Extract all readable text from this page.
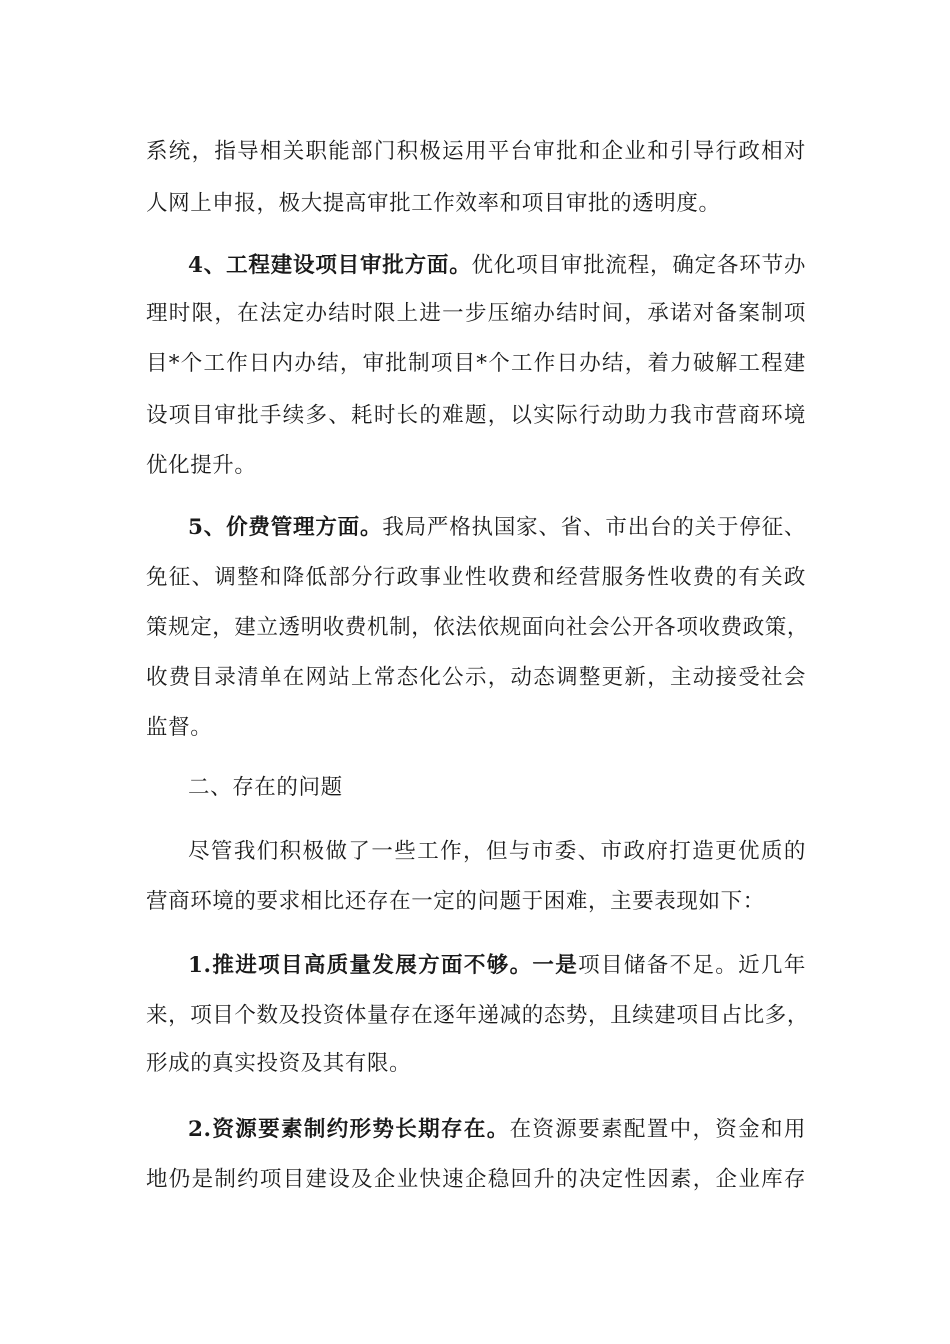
系统，指导相关职能部门积极运用平台审批和企业和引导行政相对
人网上申报，极大提高审批工作效率和项目审批的透明度。
4、工程建设项目审批方面。优化项目审批流程，确定各环节办
理时限，在法定办结时限上进一步压缩办结时间，承诺对备案制项
目*个工作日内办结，审批制项目*个工作日办结，着力破解工程建
设项目审批手续多、耗时长的难题，以实际行动助力我市营商环境
优化提升。
5、价费管理方面。我局严格执国家、省、市出台的关于停征、
免征、调整和降低部分行政事业性收费和经营服务性收费的有关政
策规定，建立透明收费机制，依法依规面向社会公开各项收费政策，
收费目录清单在网站上常态化公示，动态调整更新，主动接受社会
监督。
二、存在的问题
尽管我们积极做了一些工作，但与市委、市政府打造更优质的
营商环境的要求相比还存在一定的问题于困难，主要表现如下：
1.推进项目高质量发展方面不够。一是项目储备不足。近几年
来，项目个数及投资体量存在逐年递减的态势，且续建项目占比多，
形成的真实投资及其有限。
2.资源要素制约形势长期存在。在资源要素配置中，资金和用
地仍是制约项目建设及企业快速企稳回升的决定性因素，企业库存
